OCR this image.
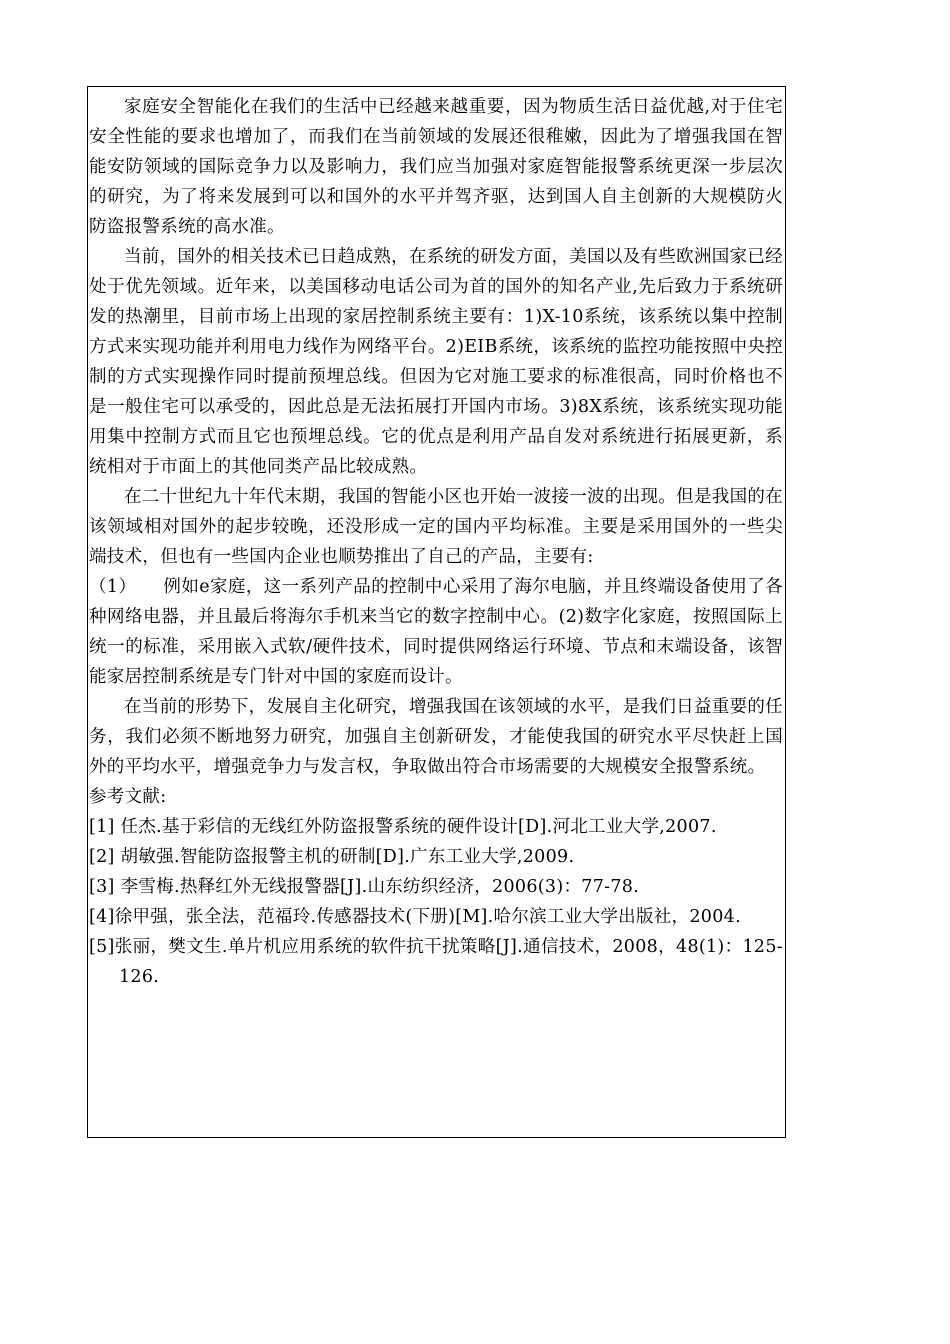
家庭安全智能化在我们的生活中已经越来越重要，因为物质生活日益优越,对于住宅安全性能的要求也增加了，而我们在当前领域的发展还很稚嫩，因此为了增强我国在智能安防领域的国际竞争力以及影响力，我们应当加强对家庭智能报警系统更深一步层次的研究，为了将来发展到可以和国外的水平并驾齐驱，达到国人自主创新的大规模防火防盗报警系统的高水准。

当前，国外的相关技术已日趋成熟，在系统的研发方面，美国以及有些欧洲国家已经处于优先领域。近年来，以美国移动电话公司为首的国外的知名产业,先后致力于系统研发的热潮里，目前市场上出现的家居控制系统主要有：1)X-10系统，该系统以集中控制方式来实现功能并利用电力线作为网络平台。2)EIB系统，该系统的监控功能按照中央控制的方式实现操作同时提前预埋总线。但因为它对施工要求的标准很高，同时价格也不是一般住宅可以承受的，因此总是无法拓展打开国内市场。3)8X系统，该系统实现功能用集中控制方式而且它也预埋总线。它的优点是利用产品自发对系统进行拓展更新，系统相对于市面上的其他同类产品比较成熟。

在二十世纪九十年代末期，我国的智能小区也开始一波接一波的出现。但是我国的在该领域相对国外的起步较晚，还没形成一定的国内平均标准。主要是采用国外的一些尖端技术，但也有一些国内企业也顺势推出了自己的产品，主要有:

（1）　　例如e家庭，这一系列产品的控制中心采用了海尔电脑，并且终端设备使用了各种网络电器，并且最后将海尔手机来当它的数字控制中心。(2)数字化家庭，按照国际上统一的标准，采用嵌入式软/硬件技术，同时提供网络运行环境、节点和末端设备，该智能家居控制系统是专门针对中国的家庭而设计。

在当前的形势下，发展自主化研究，增强我国在该领域的水平，是我们日益重要的任务，我们必须不断地努力研究，加强自主创新研发，才能使我国的研究水平尽快赶上国外的平均水平，增强竞争力与发言权，争取做出符合市场需要的大规模安全报警系统。

参考文献:

[1] 任杰.基于彩信的无线红外防盗报警系统的硬件设计[D].河北工业大学,2007.

[2] 胡敏强.智能防盗报警主机的研制[D].广东工业大学,2009.

[3] 李雪梅.热释红外无线报警器[J].山东纺织经济，2006(3)：77-78.

[4]徐甲强，张全法，范福玲.传感器技术(下册)[M].哈尔滨工业大学出版社，2004.

[5]张丽，樊文生.单片机应用系统的软件抗干扰策略[J].通信技术，2008，48(1)：125-126.
